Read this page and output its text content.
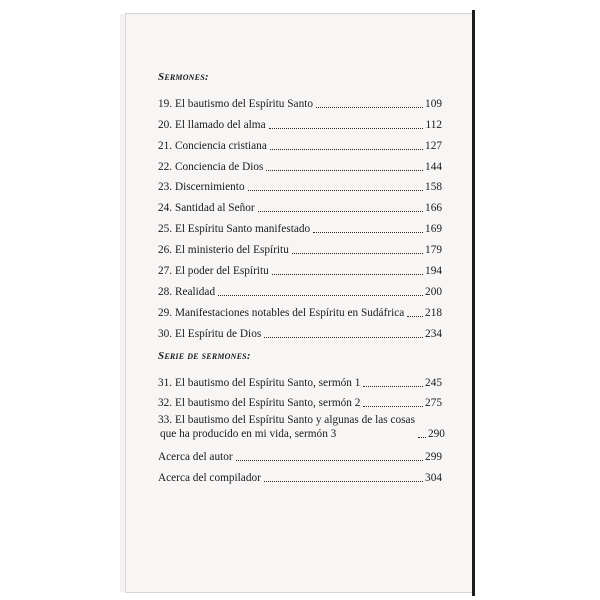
Sermones:
19. El bautismo del Espíritu Santo	109
20. El llamado del alma	112
21. Conciencia cristiana	127
22. Conciencia de Dios	144
23. Discernimiento	158
24. Santidad al Señor	166
25. El Espíritu Santo manifestado	169
26. El ministerio del Espíritu	179
27. El poder del Espíritu	194
28. Realidad	200
29. Manifestaciones notables del Espíritu en Sudáfrica 218
30. El Espíritu de Dios	234
Serie de sermones:
31. El bautismo del Espíritu Santo, sermón 1	245
32. El bautismo del Espíritu Santo, sermón 2	275
33. El bautismo del Espíritu Santo y algunas de las cosas
que ha producido en mi vida, sermón 3	290
Acerca del autor	299
Acerca del compilador	304
